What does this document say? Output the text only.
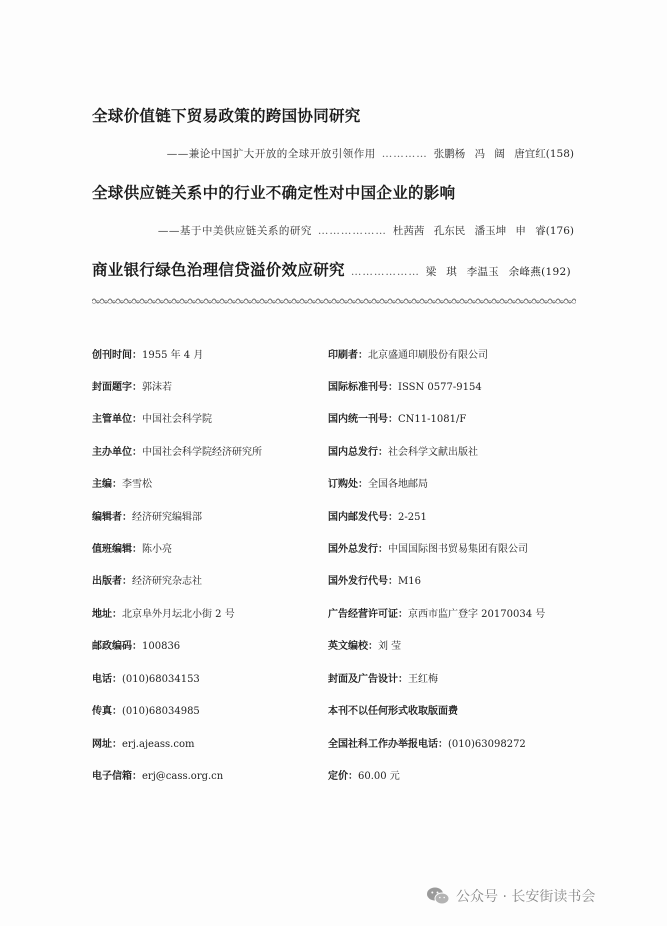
全球价值链下贸易政策的跨国协同研究
——兼论中国扩大开放的全球开放引领作用 ………… 张鹏杨 冯 阔 唐宜红 (158)
全球供应链关系中的行业不确定性对中国企业的影响
——基于中美供应链关系的研究 ……………… 杜茜茜 孔东民 潘玉坤 申 睿 (176)
商业银行绿色治理信贷溢价效应研究 ……………… 梁 琪 李温玉 余峰燕 (192)
创刊时间：1955 年 4 月
封面题字：郭沫若
主管单位：中国社会科学院
主办单位：中国社会科学院经济研究所
主编：李雪松
编辑者：经济研究编辑部
值班编辑：陈小亮
出版者：经济研究杂志社
地址：北京阜外月坛北小街 2 号
邮政编码：100836
电话：(010)68034153
传真：(010)68034985
网址：erj.ajeass.com
电子信箱：erj@cass.org.cn
印刷者：北京盛通印刷股份有限公司
国际标准刊号：ISSN 0577-9154
国内统一刊号：CN11-1081/F
国内总发行：社会科学文献出版社
订购处：全国各地邮局
国内邮发代号：2-251
国外总发行：中国国际图书贸易集团有限公司
国外发行代号：M16
广告经营许可证：京西市监广登字 20170034 号
英文编校：刘 莹
封面及广告设计：王红梅
本刊不以任何形式收取版面费
全国社科工作办举报电话：(010)63098272
定价：60.00 元
公众号 · 长安街读书会
